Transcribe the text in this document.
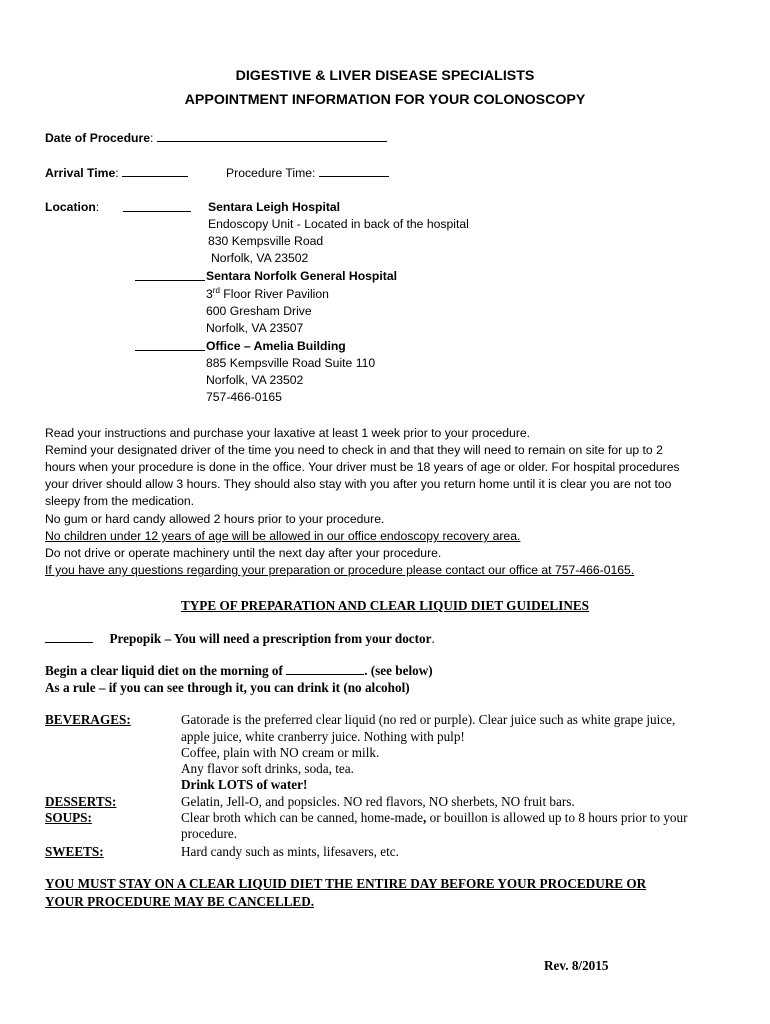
DIGESTIVE & LIVER DISEASE SPECIALISTS
APPOINTMENT INFORMATION FOR YOUR COLONOSCOPY
Date of Procedure:
Arrival Time:	Procedure Time:
Location:	Sentara Leigh Hospital
Endoscopy Unit - Located in back of the hospital
830 Kempsville Road
Norfolk, VA 23502
Sentara Norfolk General Hospital
3rd Floor River Pavilion
600 Gresham Drive
Norfolk, VA 23507
Office – Amelia Building
885 Kempsville Road Suite 110
Norfolk, VA 23502
757-466-0165
Read your instructions and purchase your laxative at least 1 week prior to your procedure.
Remind your designated driver of the time you need to check in and that they will need to remain on site for up to 2
hours when your procedure is done in the office. Your driver must be 18 years of age or older. For hospital procedures
your driver should allow 3 hours. They should also stay with you after you return home until it is clear you are not too
sleepy from the medication.
No gum or hard candy allowed 2 hours prior to your procedure.
No children under 12 years of age will be allowed in our office endoscopy recovery area.
Do not drive or operate machinery until the next day after your procedure.
If you have any questions regarding your preparation or procedure please contact our office at 757-466-0165.
TYPE OF PREPARATION AND CLEAR LIQUID DIET GUIDELINES
Prepopik – You will need a prescription from your doctor.
Begin a clear liquid diet on the morning of	. (see below)
As a rule – if you can see through it, you can drink it (no alcohol)
BEVERAGES:	Gatorade is the preferred clear liquid (no red or purple). Clear juice such as white grape juice,
apple juice, white cranberry juice. Nothing with pulp!
Coffee, plain with NO cream or milk.
Any flavor soft drinks, soda, tea.
Drink LOTS of water!
DESSERTS:	Gelatin, Jell-O, and popsicles. NO red flavors, NO sherbets, NO fruit bars.
SOUPS:	Clear broth which can be canned, home-made, or bouillon is allowed up to 8 hours prior to your
procedure.
SWEETS:	Hard candy such as mints, lifesavers, etc.
YOU MUST STAY ON A CLEAR LIQUID DIET THE ENTIRE DAY BEFORE YOUR PROCEDURE OR
YOUR PROCEDURE MAY BE CANCELLED.
Rev. 8/2015
